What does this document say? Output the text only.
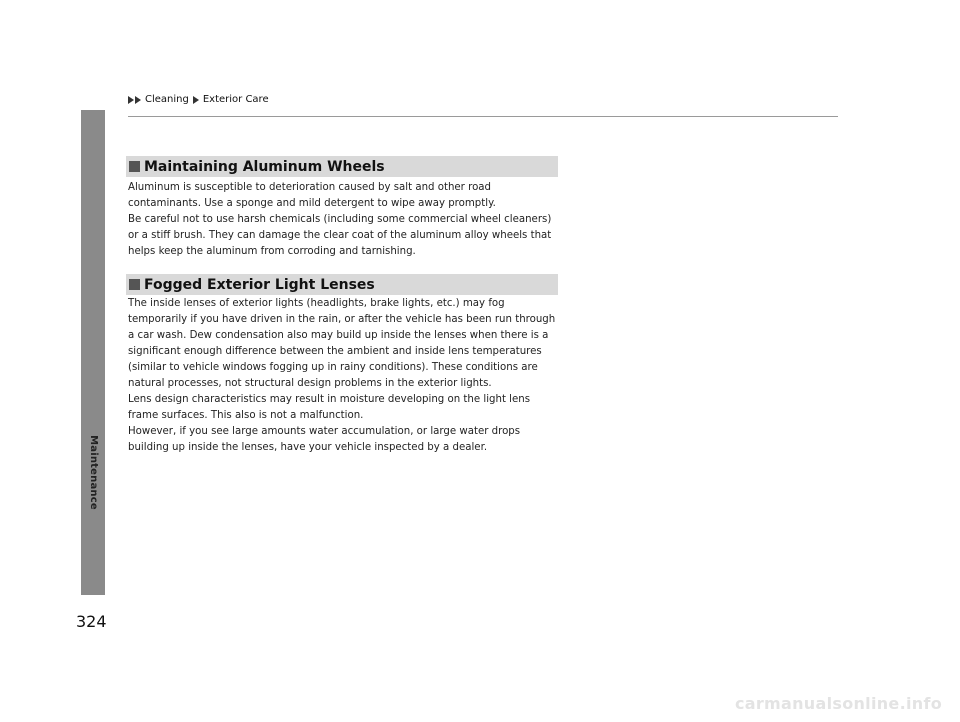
Cleaning Exterior Care
Maintenance
Maintaining Aluminum Wheels

Aluminum is susceptible to deterioration caused by salt and other road contaminants. Use a sponge and mild detergent to wipe away promptly.

Be careful not to use harsh chemicals (including some commercial wheel cleaners) or a stiff brush. They can damage the clear coat of the aluminum alloy wheels that helps keep the aluminum from corroding and tarnishing.

Fogged Exterior Light Lenses

The inside lenses of exterior lights (headlights, brake lights, etc.) may fog temporarily if you have driven in the rain, or after the vehicle has been run through a car wash. Dew condensation also may build up inside the lenses when there is a significant enough difference between the ambient and inside lens temperatures (similar to vehicle windows fogging up in rainy conditions). These conditions are natural processes, not structural design problems in the exterior lights.

Lens design characteristics may result in moisture developing on the light lens frame surfaces. This also is not a malfunction.

However, if you see large amounts water accumulation, or large water drops building up inside the lenses, have your vehicle inspected by a dealer.

324
carmanualsonline.info
